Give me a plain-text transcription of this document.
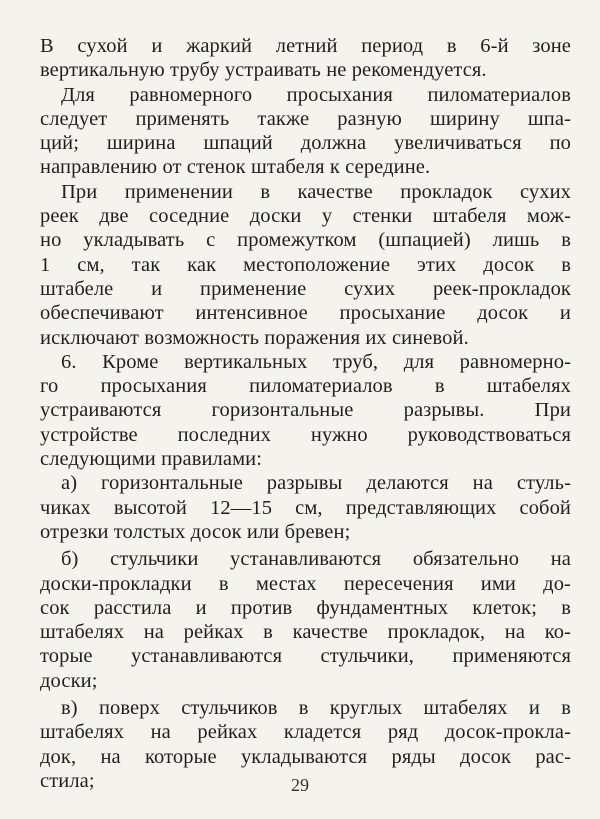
В сухой и жаркий летний период в 6-й зоне
вертикальную трубу устраивать не рекомендуется.
Для равномерного просыхания пиломатериалов
следует применять также разную ширину шпа-
ций; ширина шпаций должна увеличиваться по
направлению от стенок штабеля к середине.
При применении в качестве прокладок сухих
реек две соседние доски у стенки штабеля мож-
но укладывать с промежутком (шпацией) лишь в
1 см, так как местоположение этих досок в
штабеле и применение сухих реек-прокладок
обеспечивают интенсивное просыхание досок и
исключают возможность поражения их синевой.
6. Кроме вертикальных труб, для равномерно-
го просыхания пиломатериалов в штабелях
устраиваются горизонтальные разрывы. При
устройстве последних нужно руководствоваться
следующими правилами:
а) горизонтальные разрывы делаются на стуль-
чиках высотой 12—15 см, представляющих собой
отрезки толстых досок или бревен;
б) стульчики устанавливаются обязательно на
доски-прокладки в местах пересечения ими до-
сок расстила и против фундаментных клеток; в
штабелях на рейках в качестве прокладок, на ко-
торые устанавливаются стульчики, применяются
доски;
в) поверх стульчиков в круглых штабелях и в
штабелях на рейках кладется ряд досок-прокла-
док, на которые укладываются ряды досок рас-
стила;	29
